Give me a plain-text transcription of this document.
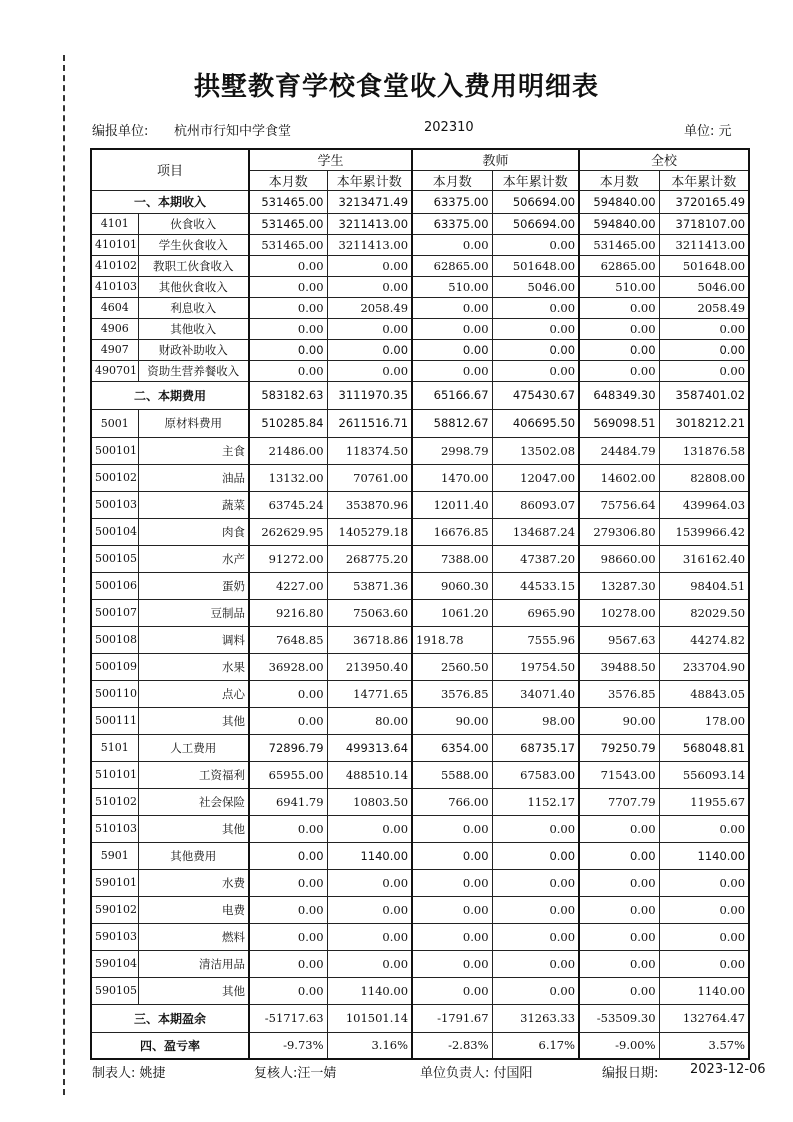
拱墅教育学校食堂收入费用明细表
编报单位: 杭州市行知中学食堂	202310	单位: 元
项目		学生		教师		全校	
		本月数	本年累计数	本月数	本年累计数	本月数	本年累计数
一、本期收入		531465.00	3213471.49	63375.00	506694.00	594840.00	3720165.49
4101	伙食收入	531465.00	3211413.00	63375.00	506694.00	594840.00	3718107.00
410101	学生伙食收入	531465.00	3211413.00	0.00	0.00	531465.00	3211413.00
410102	教职工伙食收入	0.00	0.00	62865.00	501648.00	62865.00	501648.00
410103	其他伙食收入	0.00	0.00	510.00	5046.00	510.00	5046.00
4604	利息收入	0.00	2058.49	0.00	0.00	0.00	2058.49
4906	其他收入	0.00	0.00	0.00	0.00	0.00	0.00
4907	财政补助收入	0.00	0.00	0.00	0.00	0.00	0.00
490701	资助生营养餐收入	0.00	0.00	0.00	0.00	0.00	0.00
二、本期费用		583182.63	3111970.35	65166.67	475430.67	648349.30	3587401.02
5001	原材料费用	510285.84	2611516.71	58812.67	406695.50	569098.51	3018212.21
500101	主食	21486.00	118374.50	2998.79	13502.08	24484.79	131876.58
500102	油品	13132.00	70761.00	1470.00	12047.00	14602.00	82808.00
500103	蔬菜	63745.24	353870.96	12011.40	86093.07	75756.64	439964.03
500104	肉食	262629.95	1405279.18	16676.85	134687.24	279306.80	1539966.42
500105	水产	91272.00	268775.20	7388.00	47387.20	98660.00	316162.40
500106	蛋奶	4227.00	53871.36	9060.30	44533.15	13287.30	98404.51
500107	豆制品	9216.80	75063.60	1061.20	6965.90	10278.00	82029.50
500108	调料	7648.85	36718.86	1918.78	7555.96	9567.63	44274.82
500109	水果	36928.00	213950.40	2560.50	19754.50	39488.50	233704.90
500110	点心	0.00	14771.65	3576.85	34071.40	3576.85	48843.05
500111	其他	0.00	80.00	90.00	98.00	90.00	178.00
5101	人工费用	72896.79	499313.64	6354.00	68735.17	79250.79	568048.81
510101	工资福利	65955.00	488510.14	5588.00	67583.00	71543.00	556093.14
510102	社会保险	6941.79	10803.50	766.00	1152.17	7707.79	11955.67
510103	其他	0.00	0.00	0.00	0.00	0.00	0.00
5901	其他费用	0.00	1140.00	0.00	0.00	0.00	1140.00
590101	水费	0.00	0.00	0.00	0.00	0.00	0.00
590102	电费	0.00	0.00	0.00	0.00	0.00	0.00
590103	燃料	0.00	0.00	0.00	0.00	0.00	0.00
590104	清洁用品	0.00	0.00	0.00	0.00	0.00	0.00
590105	其他	0.00	1140.00	0.00	0.00	0.00	1140.00
三、本期盈余		-51717.63	101501.14	-1791.67	31263.33	-53509.30	132764.47
四、盈亏率		-9.73%	3.16%	-2.83%	6.17%	-9.00%	3.57%
制表人: 姚捷	复核人:汪一婧	单位负责人: 付国阳	编报日期: 2023-12-06
